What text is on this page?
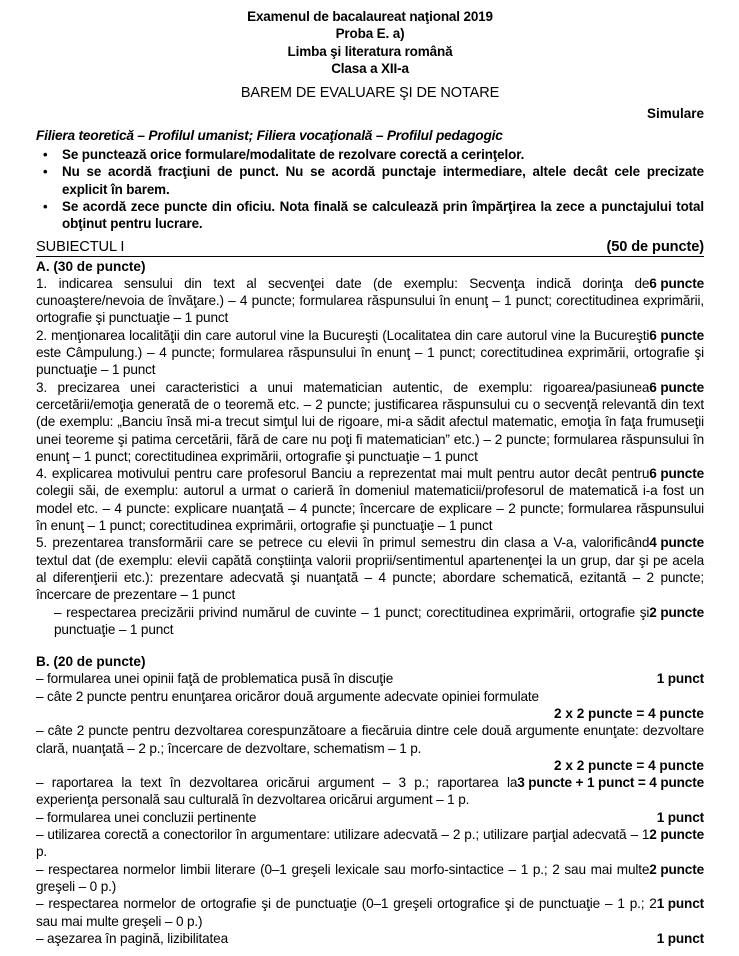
Examenul de bacalaureat naţional 2019
Proba E. a)
Limba şi literatura română
Clasa a XII-a
BAREM DE EVALUARE ŞI DE NOTARE
Simulare
Filiera teoretică – Profilul umanist; Filiera vocaţională – Profilul pedagogic
• Se punctează orice formulare/modalitate de rezolvare corectă a cerinţelor.
• Nu se acordă fracţiuni de punct. Nu se acordă punctaje intermediare, altele decât cele precizate explicit în barem.
• Se acordă zece puncte din oficiu. Nota finală se calculează prin împărţirea la zece a punctajului total obţinut pentru lucrare.
SUBIECTUL I	(50 de puncte)
A. (30 de puncte)
6 puncte
1. indicarea sensului din text al secvenţei date (de exemplu: Secvenţa indică dorinţa de cunoaştere/nevoia de învăţare.) – 4 puncte; formularea răspunsului în enunţ – 1 punct; corectitudinea exprimării, ortografie şi punctuaţie – 1 punct
6 puncte
2. menţionarea localităţii din care autorul vine la Bucureşti (Localitatea din care autorul vine la Bucureşti este Câmpulung.) – 4 puncte; formularea răspunsului în enunţ – 1 punct; corectitudinea exprimării, ortografie şi punctuaţie – 1 punct
6 puncte
3. precizarea unei caracteristici a unui matematician autentic, de exemplu: rigoarea/pasiunea cercetării/emoţia generată de o teoremă etc. – 2 puncte; justificarea răspunsului cu o secvenţă relevantă din text (de exemplu: „Banciu însă mi-a trecut simţul lui de rigoare, mi-a sădit afectul matematic, emoţia în faţa frumuseţii unei teoreme şi patima cercetării, fără de care nu poţi fi matematician” etc.) – 2 puncte; formularea răspunsului în enunţ – 1 punct; corectitudinea exprimării, ortografie şi punctuaţie – 1 punct
6 puncte
4. explicarea motivului pentru care profesorul Banciu a reprezentat mai mult pentru autor decât pentru colegii săi, de exemplu: autorul a urmat o carieră în domeniul matematicii/profesorul de matematică i-a fost un model etc. – 4 puncte: explicare nuanţată – 4 puncte; încercare de explicare – 2 puncte; formularea răspunsului în enunţ – 1 punct; corectitudinea exprimării, ortografie şi punctuaţie – 1 punct
4 puncte
5. prezentarea transformării care se petrece cu elevii în primul semestru din clasa a V-a, valorificând textul dat (de exemplu: elevii capătă conştiinţa valorii proprii/sentimentul apartenenţei la un grup, dar şi pe acela al diferenţierii etc.): prezentare adecvată şi nuanţată – 4 puncte; abordare schematică, ezitantă – 2 puncte; încercare de prezentare – 1 punct
2 puncte
– respectarea precizării privind numărul de cuvinte – 1 punct; corectitudinea exprimării, ortografie şi punctuaţie – 1 punct
B. (20 de puncte)
1 punct
– formularea unei opinii faţă de problematica pusă în discuţie
– câte 2 puncte pentru enunţarea oricăror două argumente adecvate opiniei formulate
2 x 2 puncte = 4 puncte
– câte 2 puncte pentru dezvoltarea corespunzătoare a fiecăruia dintre cele două argumente enunţate: dezvoltare clară, nuanţată – 2 p.; încercare de dezvoltare, schematism – 1 p.
2 x 2 puncte = 4 puncte
3 puncte + 1 punct = 4 puncte
– raportarea la text în dezvoltarea oricărui argument – 3 p.; raportarea la experienţa personală sau culturală în dezvoltarea oricărui argument – 1 p.
1 punct
– formularea unei concluzii pertinente
2 puncte
– utilizarea corectă a conectorilor în argumentare: utilizare adecvată – 2 p.; utilizare parţial adecvată – 1 p.
2 puncte
– respectarea normelor limbii literare (0–1 greşeli lexicale sau morfo-sintactice – 1 p.; 2 sau mai multe greşeli – 0 p.)
1 punct
– respectarea normelor de ortografie şi de punctuaţie (0–1 greşeli ortografice şi de punctuaţie – 1 p.; 2 sau mai multe greşeli – 0 p.)
1 punct
– aşezarea în pagină, lizibilitatea
